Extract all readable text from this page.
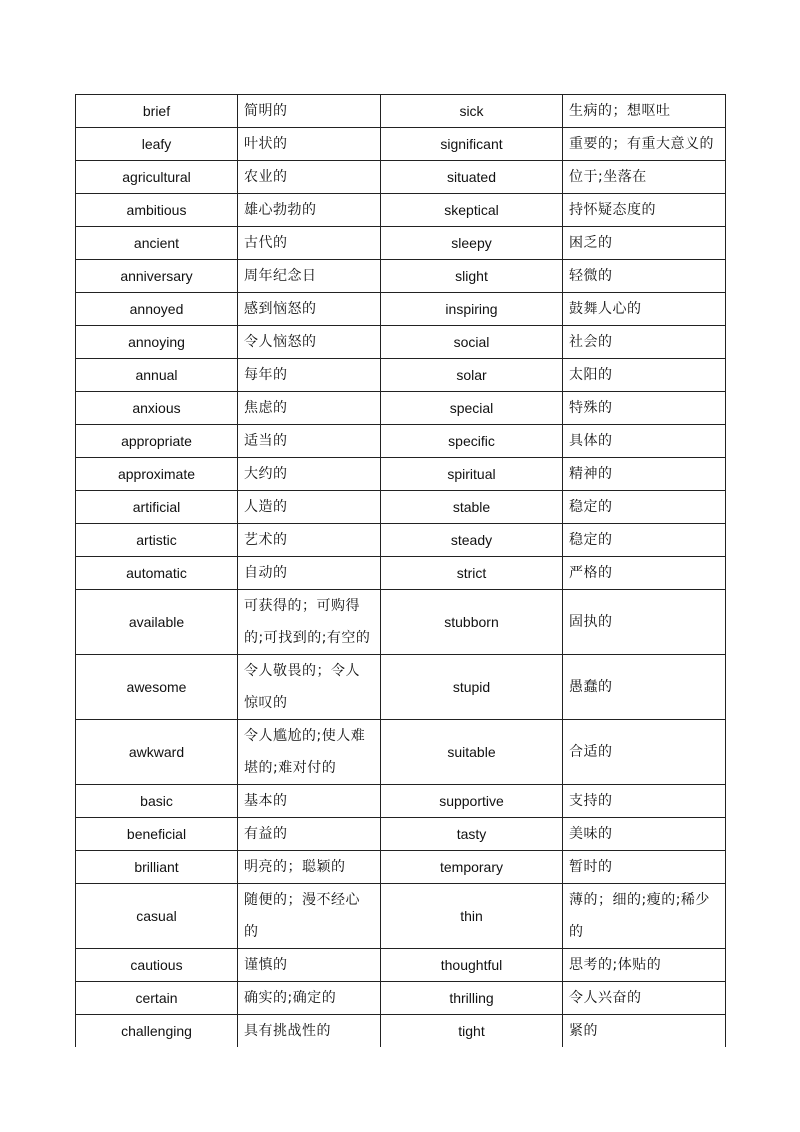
brief	简明的	sick	生病的；想呕吐
leafy	叶状的	significant	重要的；有重大意义的
agricultural	农业的	situated	位于;坐落在
ambitious	雄心勃勃的	skeptical	持怀疑态度的
ancient	古代的	sleepy	困乏的
anniversary	周年纪念日	slight	轻微的
annoyed	感到恼怒的	inspiring	鼓舞人心的
annoying	令人恼怒的	social	社会的
annual	每年的	solar	太阳的
anxious	焦虑的	special	特殊的
appropriate	适当的	specific	具体的
approximate	大约的	spiritual	精神的
artificial	人造的	stable	稳定的
artistic	艺术的	steady	稳定的
automatic	自动的	strict	严格的
available	可获得的；可购得的;可找到的;有空的	stubborn	固执的
awesome	令人敬畏的；令人惊叹的	stupid	愚蠢的
awkward	令人尴尬的;使人难堪的;难对付的	suitable	合适的
basic	基本的	supportive	支持的
beneficial	有益的	tasty	美味的
brilliant	明亮的；聪颖的	temporary	暂时的
casual	随便的；漫不经心的	thin	薄的；细的;瘦的;稀少的
cautious	谨慎的	thoughtful	思考的;体贴的
certain	确实的;确定的	thrilling	令人兴奋的
challenging	具有挑战性的	tight	紧的
